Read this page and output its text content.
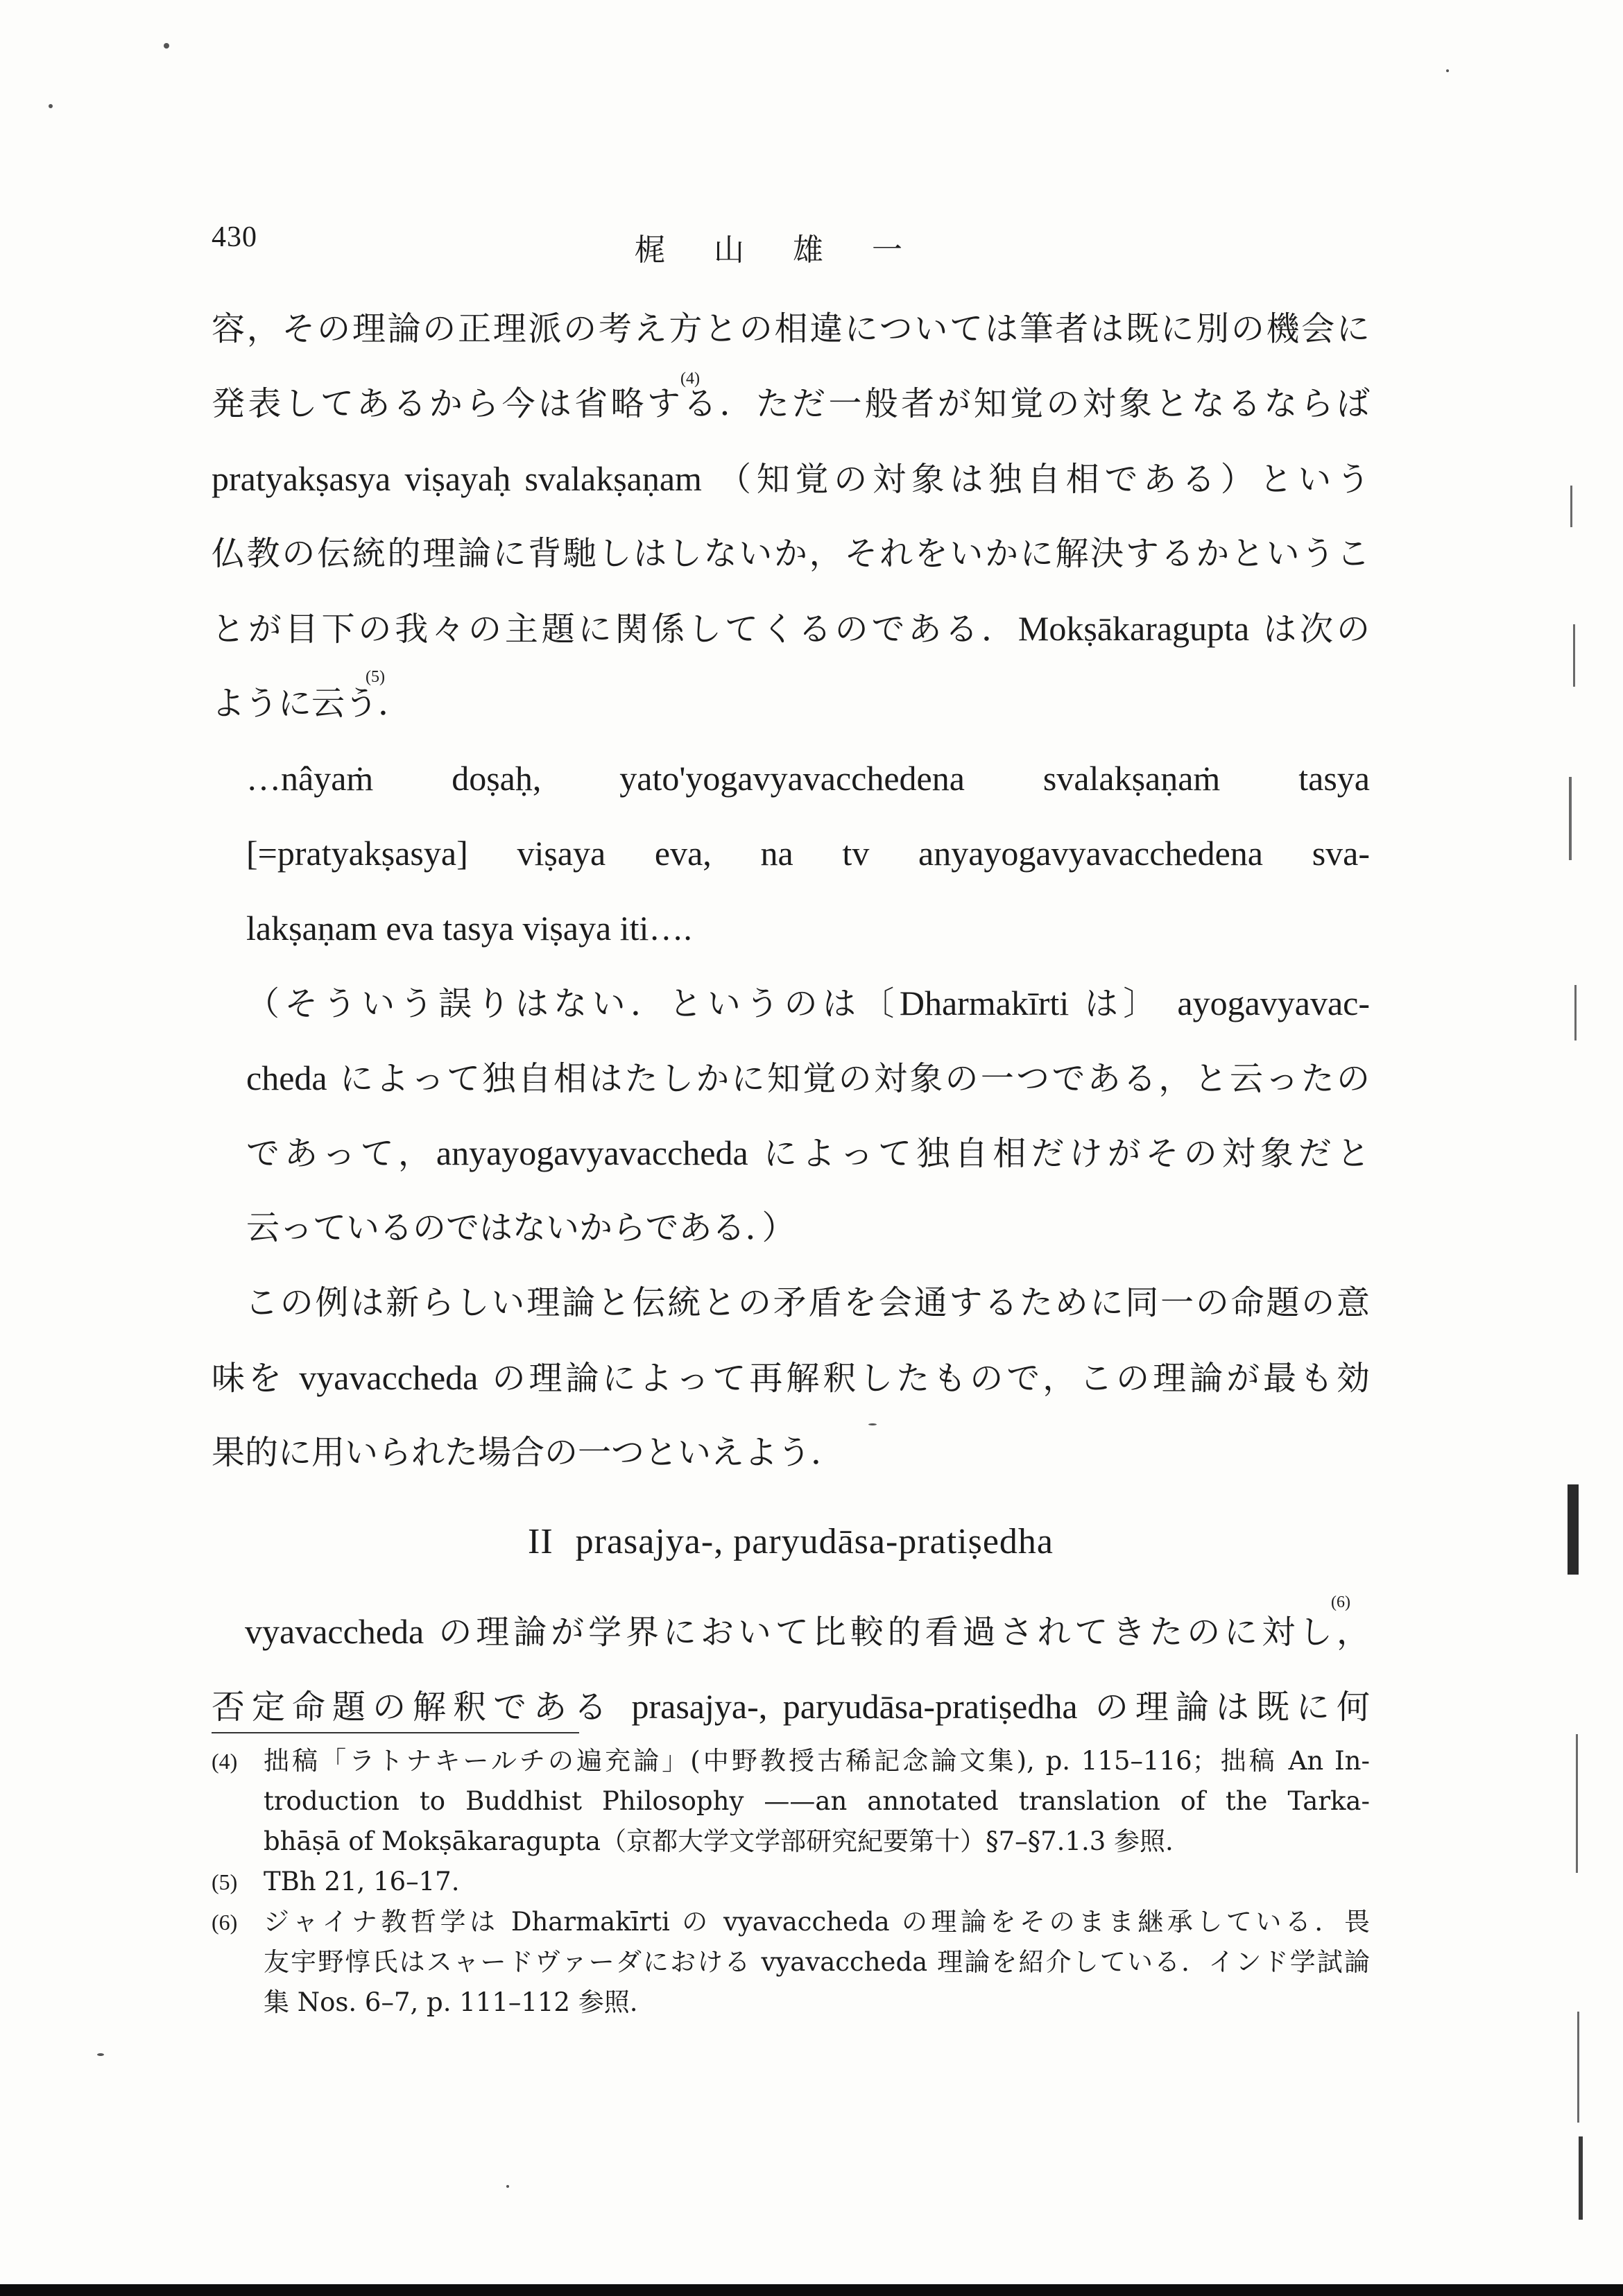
430	梶山雄一
容，その理論の正理派の考え方との相違については筆者は既に別の機会に
発表してあるから今は省略する．ただ一般者が知覚の対象となるならば
(4)
pratyakṣasya viṣayaḥ svalakṣaṇam （知覚の対象は独自相である）という
仏教の伝統的理論に背馳しはしないか，それをいかに解決するかというこ
とが目下の我々の主題に関係してくるのである．Mokṣākaragupta は次の
ように云う．
(5)
…nâyaṁ doṣaḥ, yato'yogavyavacchedena svalakṣaṇaṁ tasya
[=pratyakṣasya] viṣaya eva, na tv anyayogavyavacchedena sva-
lakṣaṇam eva tasya viṣaya iti….
（そういう誤りはない．というのは〔Dharmakīrti は〕 ayogavyavac-
cheda によって独自相はたしかに知覚の対象の一つである，と云ったの
であって，anyayogavyavaccheda によって独自相だけがその対象だと
云っているのではないからである．）
この例は新らしい理論と伝統との矛盾を会通するために同一の命題の意
味を vyavaccheda の理論によって再解釈したもので，この理論が最も効
果的に用いられた場合の一つといえよう．
II prasajya-, paryudāsa-pratiṣedha
vyavaccheda の理論が学界において比較的看過されてきたのに対し，
(6)
否定命題の解釈である prasajya-, paryudāsa-pratiṣedha の理論は既に何
(4) 拙稿「ラトナキールチの遍充論」(中野教授古稀記念論文集), p. 115–116；拙稿 An In-
troduction to Buddhist Philosophy ——an annotated translation of the Tarka-
bhāṣā of Mokṣākaragupta（京都大学文学部研究紀要第十）§7–§7.1.3 参照.
(5) TBh 21, 16–17.
(6) ジャイナ教哲学は Dharmakīrti の vyavaccheda の理論をそのまま継承している．畏
友宇野惇氏はスャードヴァーダにおける vyavaccheda 理論を紹介している．インド学試論
集 Nos. 6–7, p. 111–112 参照.
